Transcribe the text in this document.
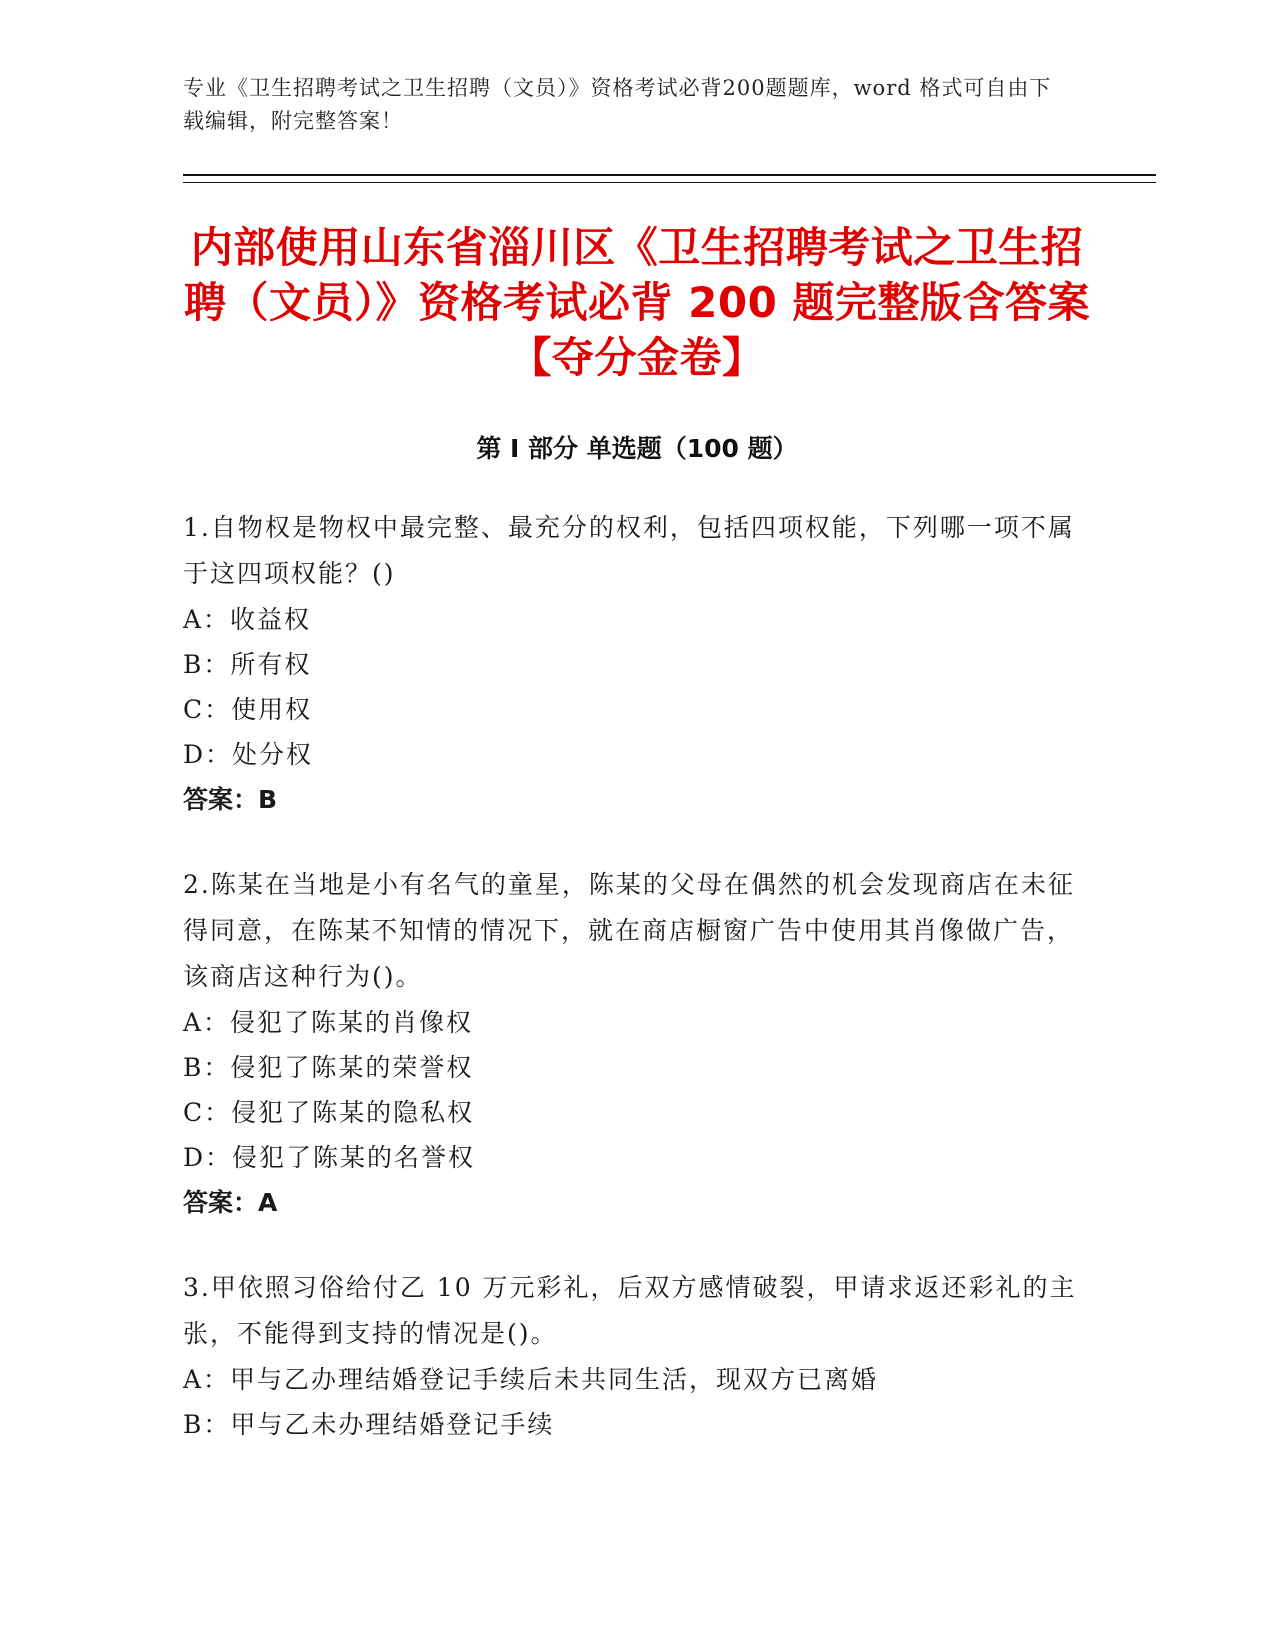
专业《卫生招聘考试之卫生招聘（文员）》资格考试必背200题题库，word 格式可自由下载编辑，附完整答案！
内部使用山东省淄川区《卫生招聘考试之卫生招聘（文员）》资格考试必背 200 题完整版含答案【夺分金卷】
第 I 部分 单选题（100 题）

1.自物权是物权中最完整、最充分的权利，包括四项权能，下列哪一项不属于这四项权能？()

A：收益权

B：所有权

C：使用权

D：处分权

答案：B

2.陈某在当地是小有名气的童星，陈某的父母在偶然的机会发现商店在未征得同意，在陈某不知情的情况下，就在商店橱窗广告中使用其肖像做广告，该商店这种行为()。

A：侵犯了陈某的肖像权

B：侵犯了陈某的荣誉权

C：侵犯了陈某的隐私权

D：侵犯了陈某的名誉权

答案：A

3.甲依照习俗给付乙 10 万元彩礼，后双方感情破裂，甲请求返还彩礼的主张，不能得到支持的情况是()。

A：甲与乙办理结婚登记手续后未共同生活，现双方已离婚

B：甲与乙未办理结婚登记手续
